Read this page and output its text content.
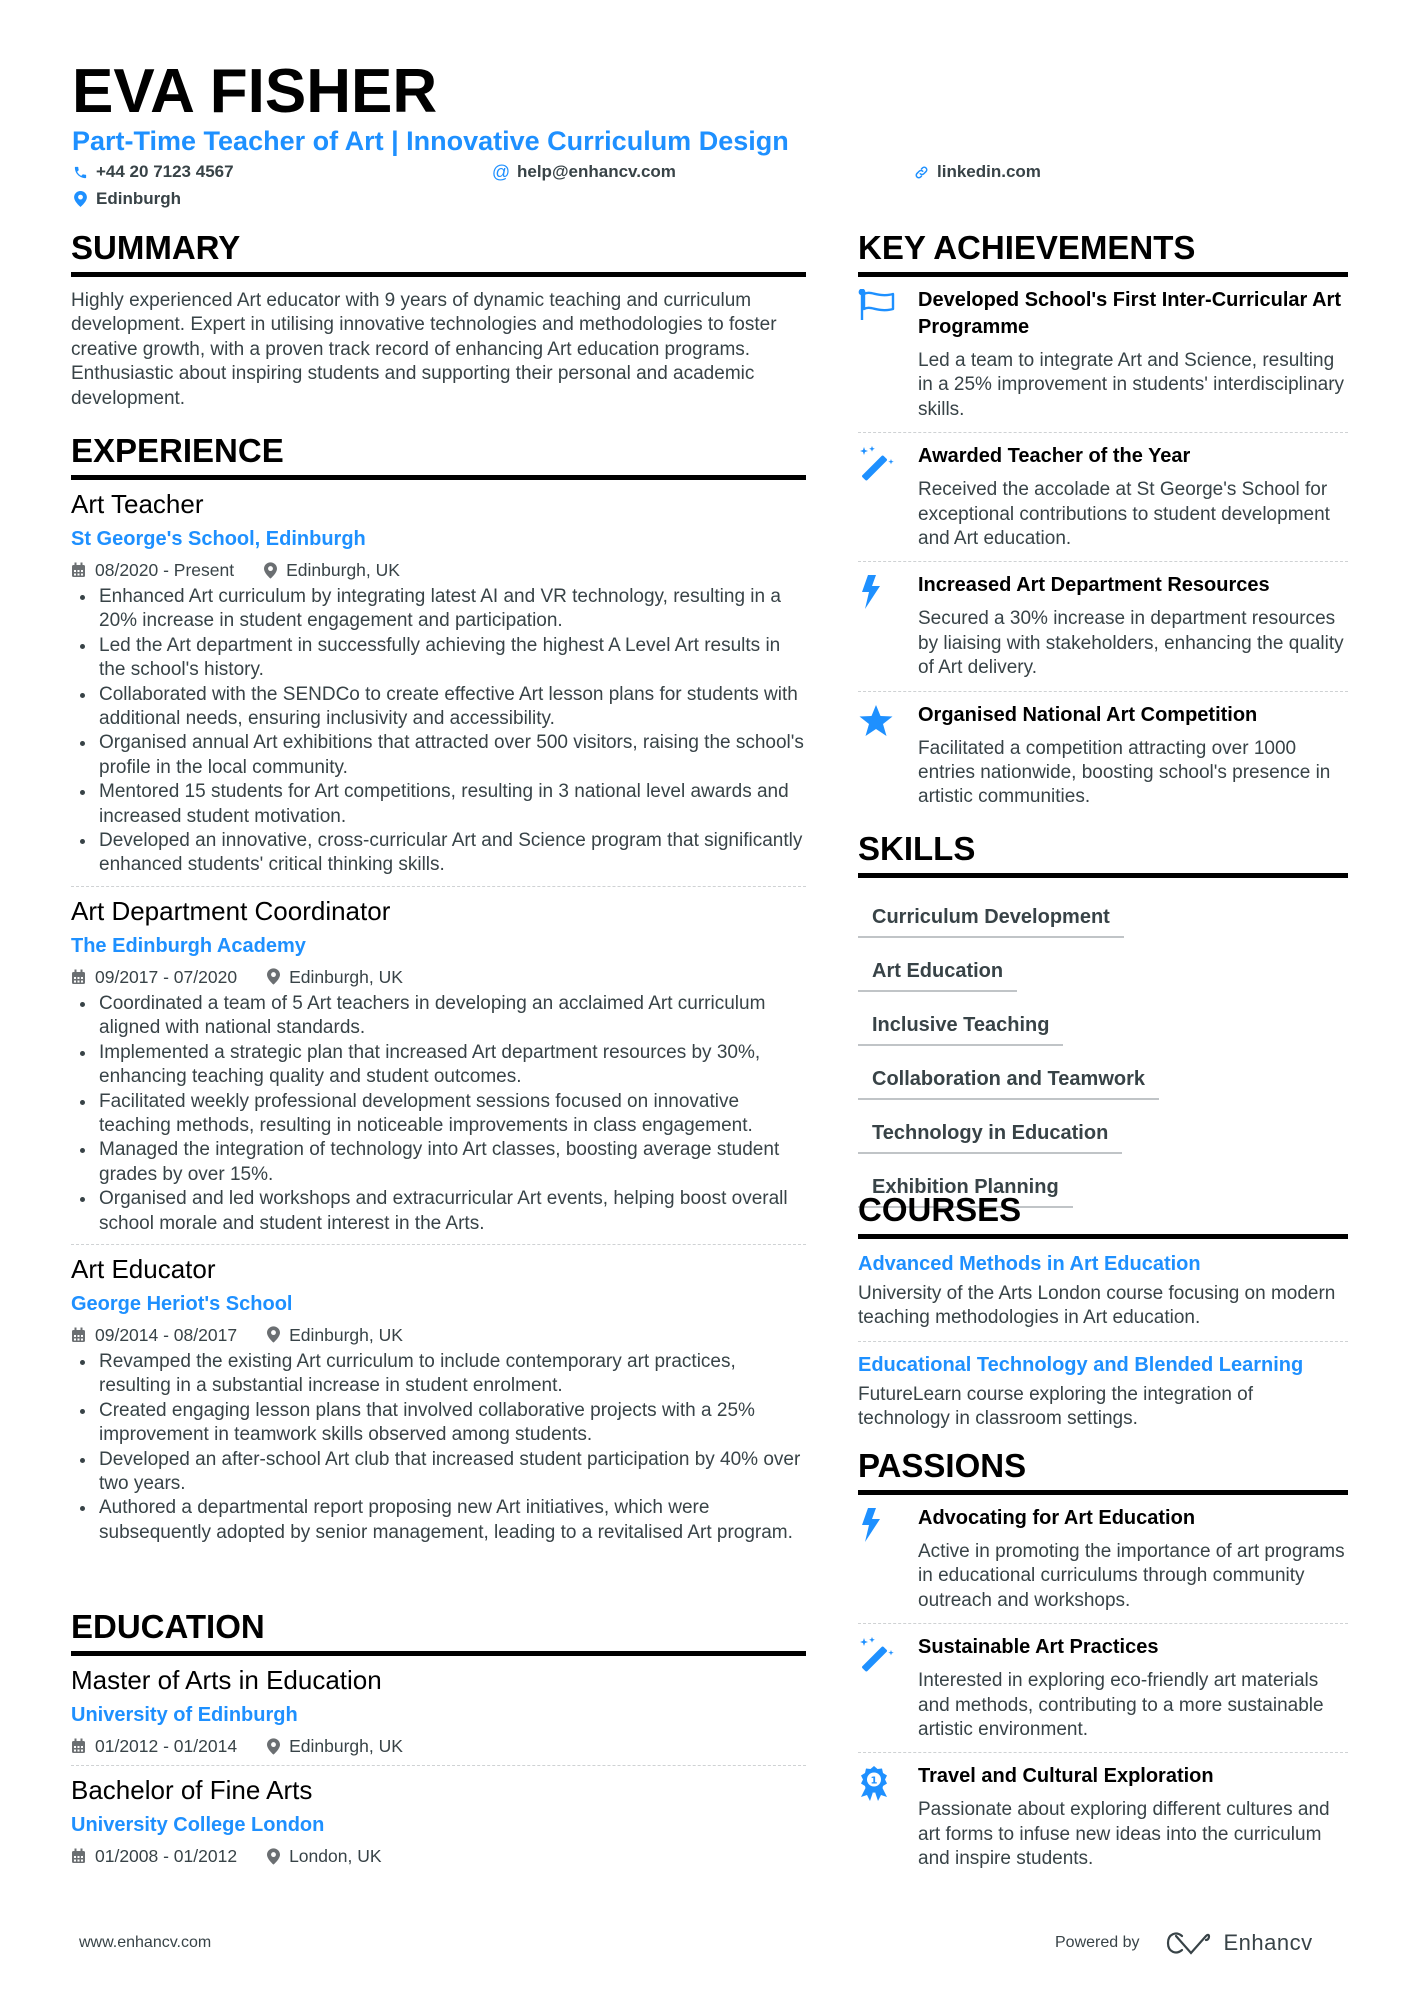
EVA FISHER
Part-Time Teacher of Art | Innovative Curriculum Design
+44 20 7123 4567	@ help@enhancv.com	linkedin.com
Edinburgh
SUMMARY
Highly experienced Art educator with 9 years of dynamic teaching and curriculum development. Expert in utilising innovative technologies and methodologies to foster creative growth, with a proven track record of enhancing Art education programs. Enthusiastic about inspiring students and supporting their personal and academic development.
EXPERIENCE
Art Teacher
St George's School, Edinburgh
08/2020 - Present	Edinburgh, UK
Enhanced Art curriculum by integrating latest AI and VR technology, resulting in a 20% increase in student engagement and participation.
Led the Art department in successfully achieving the highest A Level Art results in the school's history.
Collaborated with the SENDCo to create effective Art lesson plans for students with additional needs, ensuring inclusivity and accessibility.
Organised annual Art exhibitions that attracted over 500 visitors, raising the school's profile in the local community.
Mentored 15 students for Art competitions, resulting in 3 national level awards and increased student motivation.
Developed an innovative, cross-curricular Art and Science program that significantly enhanced students' critical thinking skills.
Art Department Coordinator
The Edinburgh Academy
09/2017 - 07/2020	Edinburgh, UK
Coordinated a team of 5 Art teachers in developing an acclaimed Art curriculum aligned with national standards.
Implemented a strategic plan that increased Art department resources by 30%, enhancing teaching quality and student outcomes.
Facilitated weekly professional development sessions focused on innovative teaching methods, resulting in noticeable improvements in class engagement.
Managed the integration of technology into Art classes, boosting average student grades by over 15%.
Organised and led workshops and extracurricular Art events, helping boost overall school morale and student interest in the Arts.
Art Educator
George Heriot's School
09/2014 - 08/2017	Edinburgh, UK
Revamped the existing Art curriculum to include contemporary art practices, resulting in a substantial increase in student enrolment.
Created engaging lesson plans that involved collaborative projects with a 25% improvement in teamwork skills observed among students.
Developed an after-school Art club that increased student participation by 40% over two years.
Authored a departmental report proposing new Art initiatives, which were subsequently adopted by senior management, leading to a revitalised Art program.
EDUCATION
Master of Arts in Education
University of Edinburgh
01/2012 - 01/2014	Edinburgh, UK
Bachelor of Fine Arts
University College London
01/2008 - 01/2012	London, UK
KEY ACHIEVEMENTS
Developed School's First Inter-Curricular Art Programme
Led a team to integrate Art and Science, resulting in a 25% improvement in students' interdisciplinary skills.
Awarded Teacher of the Year
Received the accolade at St George's School for exceptional contributions to student development and Art education.
Increased Art Department Resources
Secured a 30% increase in department resources by liaising with stakeholders, enhancing the quality of Art delivery.
Organised National Art Competition
Facilitated a competition attracting over 1000 entries nationwide, boosting school's presence in artistic communities.
SKILLS
Curriculum Development
Art Education
Inclusive Teaching
Collaboration and Teamwork
Technology in Education
Exhibition Planning
COURSES
Advanced Methods in Art Education
University of the Arts London course focusing on modern teaching methodologies in Art education.
Educational Technology and Blended Learning
FutureLearn course exploring the integration of technology in classroom settings.
PASSIONS
Advocating for Art Education
Active in promoting the importance of art programs in educational curriculums through community outreach and workshops.
Sustainable Art Practices
Interested in exploring eco-friendly art materials and methods, contributing to a more sustainable artistic environment.
1 Travel and Cultural Exploration
Passionate about exploring different cultures and art forms to infuse new ideas into the curriculum and inspire students.
www.enhancv.com	Powered by	Enhancv
